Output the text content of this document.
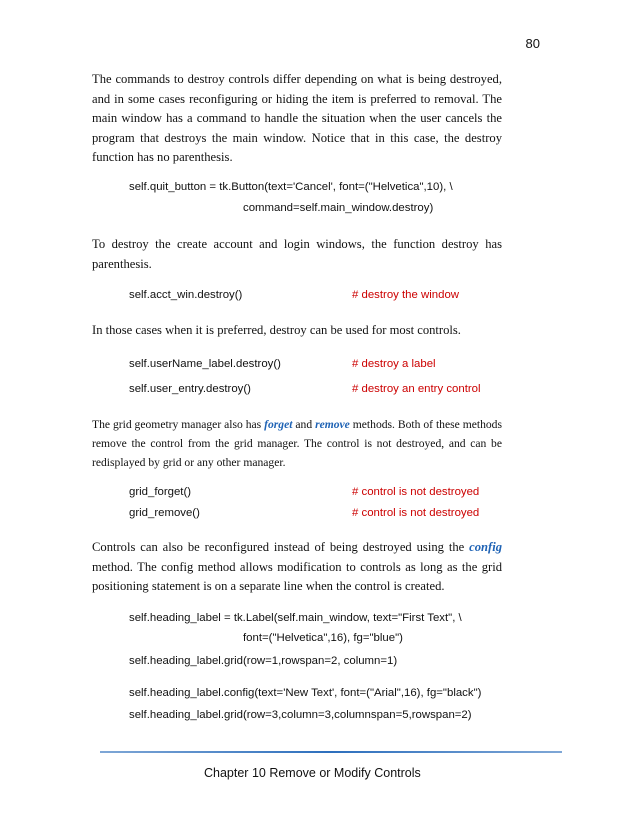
80
The commands to destroy controls differ depending on what is being destroyed, and in some cases reconfiguring or hiding the item is preferred to removal. The main window has a command to handle the situation when the user cancels the program that destroys the main window. Notice that in this case, the destroy function has no parenthesis.
self.quit_button = tk.Button(text='Cancel', font=("Helvetica",10), \
command=self.main_window.destroy)
To destroy the create account and login windows, the function destroy has parenthesis.
self.acct_win.destroy()	# destroy the window
In those cases when it is preferred, destroy can be used for most controls.
self.userName_label.destroy()	# destroy a label
self.user_entry.destroy()	# destroy an entry control
The grid geometry manager also has forget and remove methods. Both of these methods remove the control from the grid manager. The control is not destroyed, and can be redisplayed by grid or any other manager.
grid_forget()	# control is not destroyed
grid_remove()	# control is not destroyed
Controls can also be reconfigured instead of being destroyed using the config method. The config method allows modification to controls as long as the grid positioning statement is on a separate line when the control is created.
self.heading_label = tk.Label(self.main_window, text="First Text", \
font=("Helvetica",16), fg="blue")
self.heading_label.grid(row=1,rowspan=2, column=1)
self.heading_label.config(text='New Text', font=("Arial",16), fg="black")
self.heading_label.grid(row=3,column=3,columnspan=5,rowspan=2)
Chapter 10 Remove or Modify Controls
